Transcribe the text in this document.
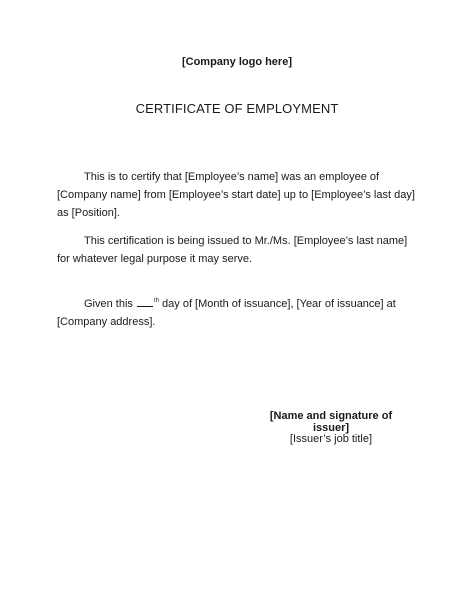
[Company logo here]
CERTIFICATE OF EMPLOYMENT

This is to certify that [Employee’s name] was an employee of [Company name] from [Employee’s start date] up to [Employee’s last day] as [Position].

This certification is being issued to Mr./Ms. [Employee’s last name] for whatever legal purpose it may serve.

Given this	$^{th}$ day of [Month of issuance], [Year of issuance] at [Company address].

[Name and signature of issuer]
[Issuer’s job title]
